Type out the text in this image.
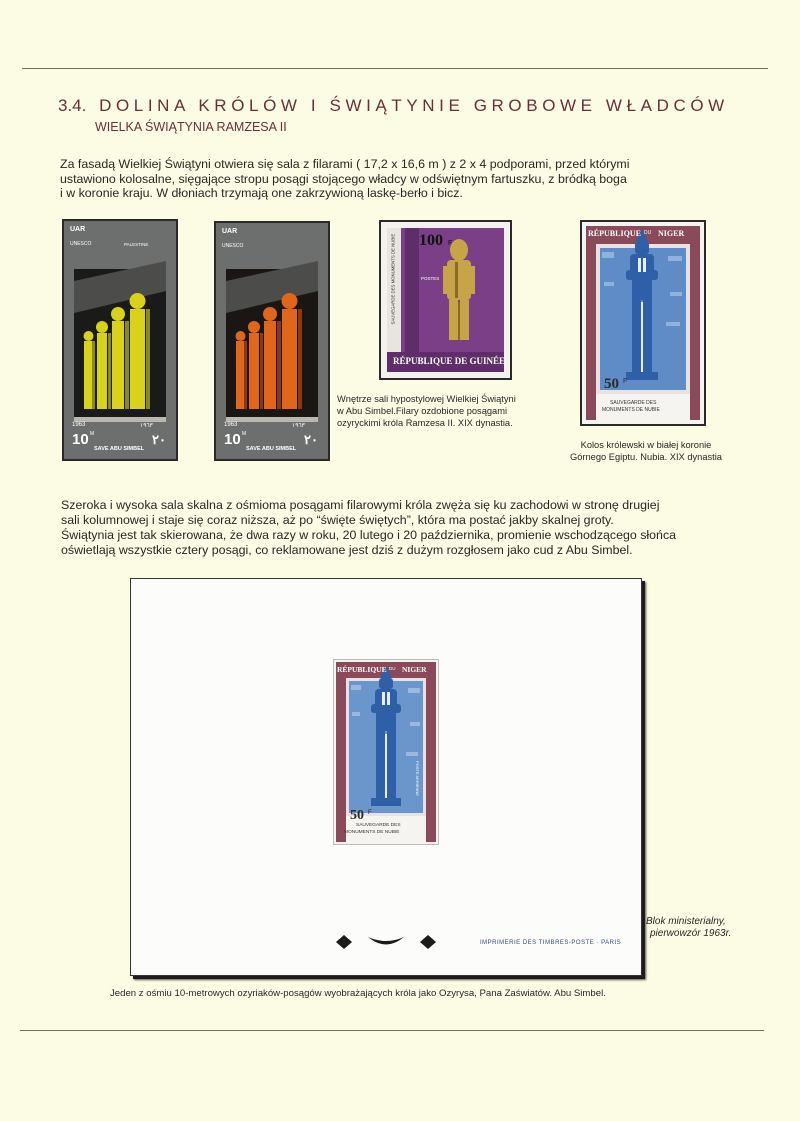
3.4. DOLINA KRÓLÓW I ŚWIĄTYNIE GROBOWE WŁADCÓW
WIELKA ŚWIĄTYNIA RAMZESA II
Za fasadą Wielkiej Świątyni otwiera się sala z filarami ( 17,2 x 16,6 m ) z 2 x 4 podporami, przed którymi
ustawiono kolosalne, sięgające stropu posągi stojącego władcy w odświętnym fartuszku, z bródką boga
i w koronie kraju. W dłoniach trzymają one zakrzywioną laskę-berło i bicz.
UAR
UNESCO	PALESTINE
1963	١٩٦٣
10 M
SAVE ABU SIMBEL
٢٠
UAR
UNESCO
1963	١٩٦٣
10 M
SAVE ABU SIMBEL
٢٠
100 F
POSTES
SAUVEGARDE DES MONUMENTS DE NUBIE
RÉPUBLIQUE DE GUINÉE
Wnętrze sali hypostylowej Wielkiej Świątyni
w Abu Simbel.Filary ozdobione posągami
ozyryckimi króla Ramzesa II. XIX dynastia.
RÉPUBLIQUE DU NIGER
50 F
SAUVEGARDE DES
MONUMENTS DE NUBIE
Kolos królewski w białej koronie
Górnego Egiptu. Nubia. XIX dynastia
Szeroka i wysoka sala skalna z ośmioma posągami filarowymi króla zwęża się ku zachodowi w stronę drugiej
sali kolumnowej i staje się coraz niższa, aż po “święte świętych”, która ma postać jakby skalnej groty.
Świątynia jest tak skierowana, że dwa razy w roku, 20 lutego i 20 października, promienie wschodzącego słońca
oświetlają wszystkie cztery posągi, co reklamowane jest dziś z dużym rozgłosem jako cud z Abu Simbel.
RÉPUBLIQUE DU NIGER
50 F
SAUVEGARDE DES
MONUMENTS DE NUBIE
POSTE AERIENNE
IMPRIMERIE DES TIMBRES-POSTE · PARIS
Blok ministerialny,
pierwowzór 1963r.
Jeden z ośmiu 10-metrowych ozyriaków-posągów wyobrażających króla jako Ozyrysa, Pana Zaświatów. Abu Simbel.
